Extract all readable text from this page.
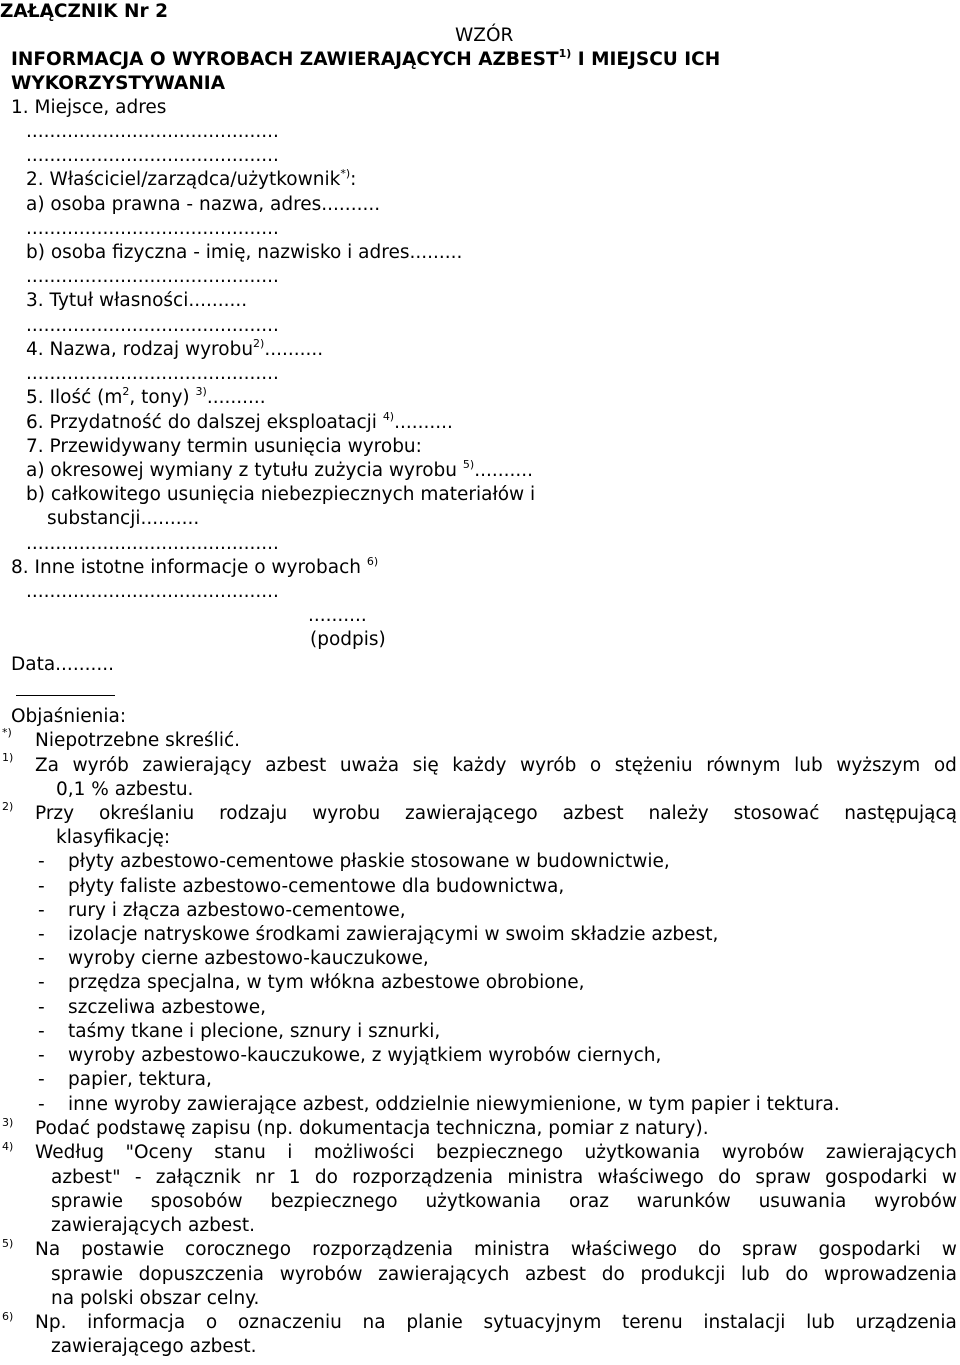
ZAŁĄCZNIK Nr 2
WZÓR
INFORMACJA O WYROBACH ZAWIERAJĄCYCH AZBEST$^{1)}$ I MIEJSCU ICH
WYKORZYSTYWANIA
1. Miejsce, adres
...........................................
...........................................
2. Właściciel/zarządca/użytkownik*):
a) osoba prawna - nazwa, adres..........
...........................................
b) osoba fizyczna - imię, nazwisko i adres.........
...........................................
3. Tytuł własności..........
...........................................
4. Nazwa, rodzaj wyrobu$^{2)}$..........
...........................................
5. Ilość ($m^2$, tony) $^{3)}$..........
6. Przydatność do dalszej eksploatacji $^{4)}$..........
7. Przewidywany termin usunięcia wyrobu:
a) okresowej wymiany z tytułu zużycia wyrobu $^{5)}$..........
b) całkowitego usunięcia niebezpiecznych materiałów i
substancji..........
...........................................
8. Inne istotne informacje o wyrobach $^{6)}$
...........................................
..........
(podpis)
Data..........
Objaśnienia:
*) Niepotrzebne skreślić.
1) Za wyrób zawierający azbest uważa się każdy wyrób o stężeniu równym lub wyższym od
0,1 % azbestu.
2) Przy określaniu rodzaju wyrobu zawierającego azbest należy stosować następującą
klasyfikację:
- płyty azbestowo-cementowe płaskie stosowane w budownictwie,
- płyty faliste azbestowo-cementowe dla budownictwa,
- rury i złącza azbestowo-cementowe,
- izolacje natryskowe środkami zawierającymi w swoim składzie azbest,
- wyroby cierne azbestowo-kauczukowe,
- przędza specjalna, w tym włókna azbestowe obrobione,
- szczeliwa azbestowe,
- taśmy tkane i plecione, sznury i sznurki,
- wyroby azbestowo-kauczukowe, z wyjątkiem wyrobów ciernych,
- papier, tektura,
- inne wyroby zawierające azbest, oddzielnie niewymienione, w tym papier i tektura.
3) Podać podstawę zapisu (np. dokumentacja techniczna, pomiar z natury).
4) Według "Oceny stanu i możliwości bezpiecznego użytkowania wyrobów zawierających
azbest" - załącznik nr 1 do rozporządzenia ministra właściwego do spraw gospodarki w
sprawie sposobów bezpiecznego użytkowania oraz warunków usuwania wyrobów
zawierających azbest.
5) Na postawie corocznego rozporządzenia ministra właściwego do spraw gospodarki w
sprawie dopuszczenia wyrobów zawierających azbest do produkcji lub do wprowadzenia
na polski obszar celny.
6) Np. informacja o oznaczeniu na planie sytuacyjnym terenu instalacji lub urządzenia
zawierającego azbest.
